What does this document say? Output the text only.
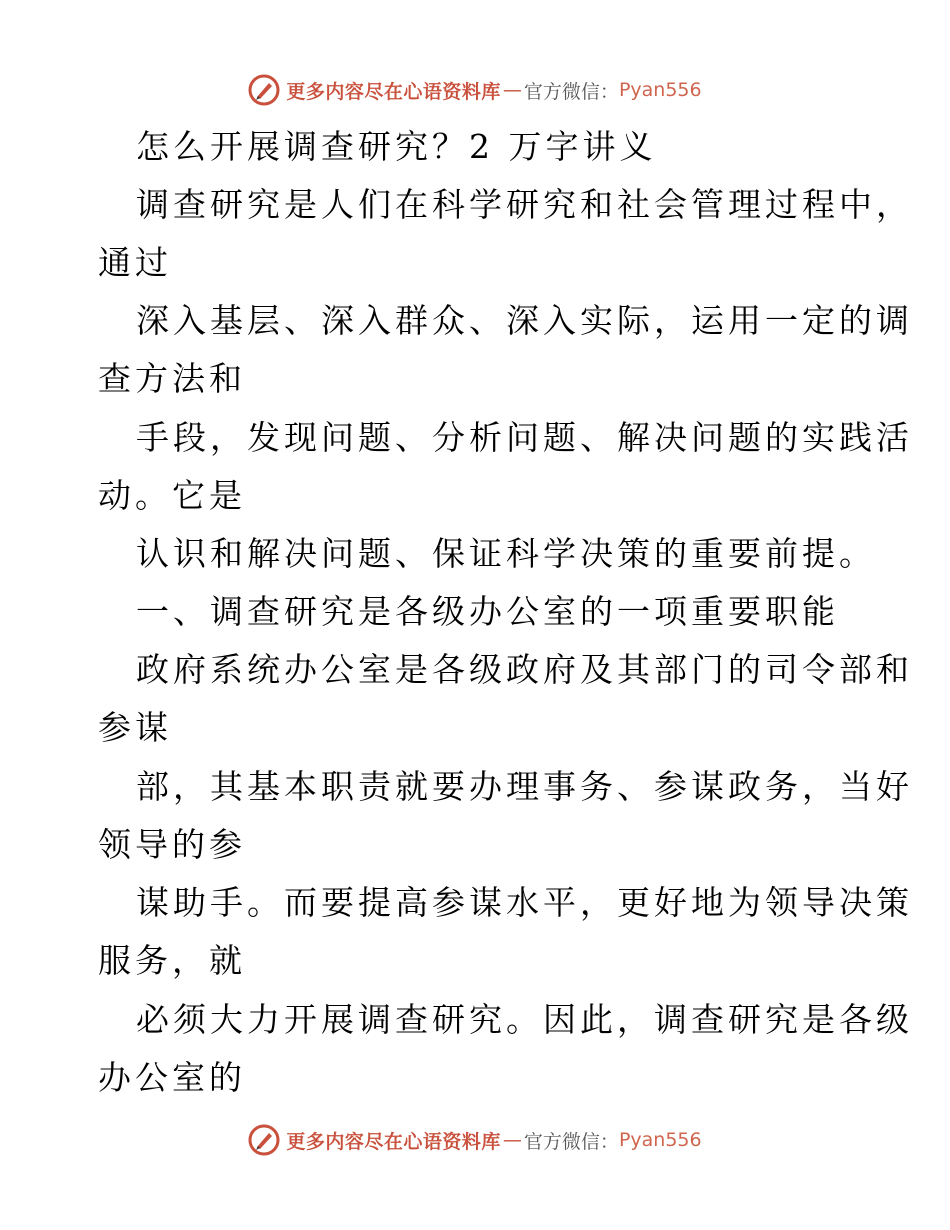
更多内容尽在心语资料库 — 官方微信： Pyan556
怎么开展调查研究？2 万字讲义
调查研究是人们在科学研究和社会管理过程中，
通过
深入基层、深入群众、深入实际，运用一定的调
查方法和
手段，发现问题、分析问题、解决问题的实践活
动。它是
认识和解决问题、保证科学决策的重要前提。
一、调查研究是各级办公室的一项重要职能
政府系统办公室是各级政府及其部门的司令部和
参谋
部，其基本职责就要办理事务、参谋政务，当好
领导的参
谋助手。而要提高参谋水平，更好地为领导决策
服务，就
必须大力开展调查研究。因此，调查研究是各级
办公室的
更多内容尽在心语资料库 — 官方微信： Pyan556
